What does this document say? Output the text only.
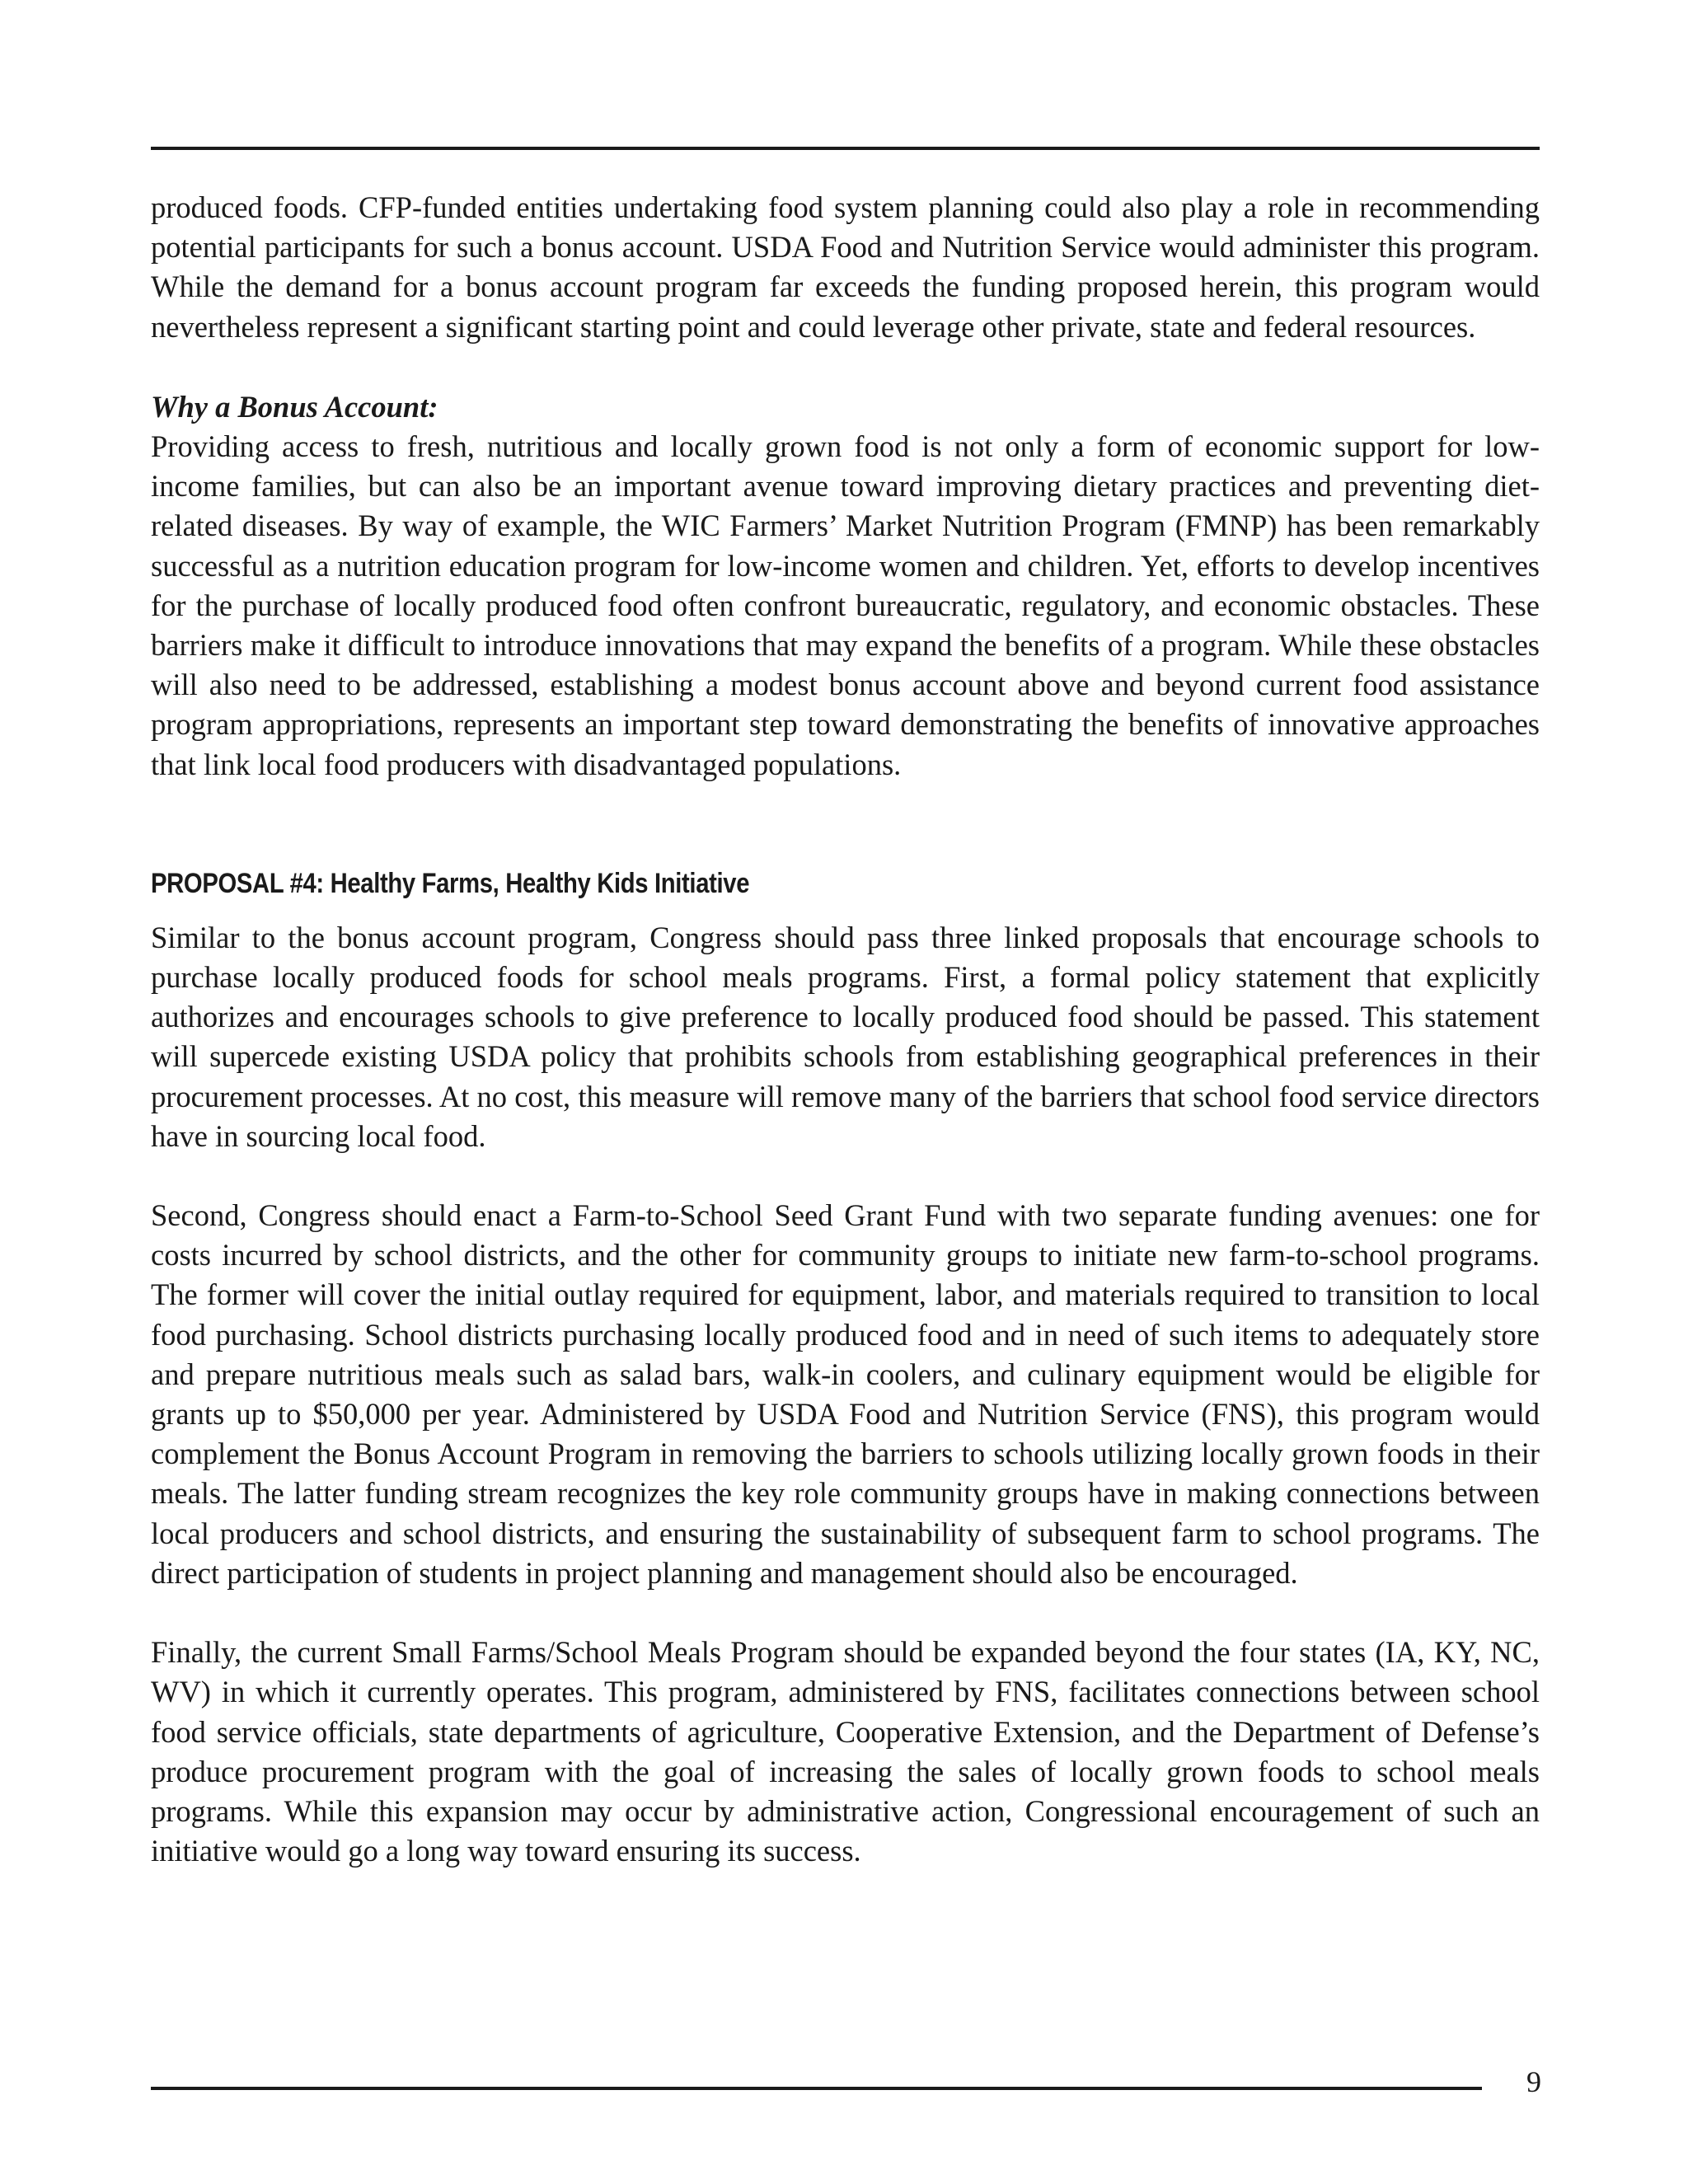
produced foods. CFP-funded entities undertaking food system planning could also play a role in recommending potential participants for such a bonus account. USDA Food and Nutrition Service would administer this program. While the demand for a bonus account program far exceeds the funding proposed herein, this program would nevertheless represent a significant starting point and could leverage other private, state and federal resources.

Why a Bonus Account:

Providing access to fresh, nutritious and locally grown food is not only a form of economic support for low-income families, but can also be an important avenue toward improving dietary practices and preventing diet-related diseases. By way of example, the WIC Farmers’ Market Nutrition Program (FMNP) has been remarkably successful as a nutrition education program for low-income women and children. Yet, efforts to develop incentives for the purchase of locally produced food often confront bureaucratic, regulatory, and economic obstacles. These barriers make it difficult to introduce innovations that may expand the benefits of a program. While these obstacles will also need to be addressed, establishing a modest bonus account above and beyond current food assistance program appropriations, represents an important step toward demonstrating the benefits of innovative approaches that link local food producers with disadvantaged populations.

PROPOSAL #4: Healthy Farms, Healthy Kids Initiative

Similar to the bonus account program, Congress should pass three linked proposals that encourage schools to purchase locally produced foods for school meals programs. First, a formal policy statement that explicitly authorizes and encourages schools to give preference to locally produced food should be passed. This statement will supercede existing USDA policy that prohibits schools from establishing geographical preferences in their procurement processes. At no cost, this measure will remove many of the barriers that school food service directors have in sourcing local food.

Second, Congress should enact a Farm-to-School Seed Grant Fund with two separate funding avenues: one for costs incurred by school districts, and the other for community groups to initiate new farm-to-school programs. The former will cover the initial outlay required for equipment, labor, and materials required to transition to local food purchasing. School districts purchasing locally produced food and in need of such items to adequately store and prepare nutritious meals such as salad bars, walk-in coolers, and culinary equipment would be eligible for grants up to $50,000 per year. Administered by USDA Food and Nutrition Service (FNS), this program would complement the Bonus Account Program in removing the barriers to schools utilizing locally grown foods in their meals. The latter funding stream recognizes the key role community groups have in making connections between local producers and school districts, and ensuring the sustainability of subsequent farm to school programs. The direct participation of students in project planning and management should also be encouraged.

Finally, the current Small Farms/School Meals Program should be expanded beyond the four states (IA, KY, NC, WV) in which it currently operates. This program, administered by FNS, facilitates connections between school food service officials, state departments of agriculture, Cooperative Extension, and the Department of Defense’s produce procurement program with the goal of increasing the sales of locally grown foods to school meals programs. While this expansion may occur by administrative action, Congressional encouragement of such an initiative would go a long way toward ensuring its success.

9
